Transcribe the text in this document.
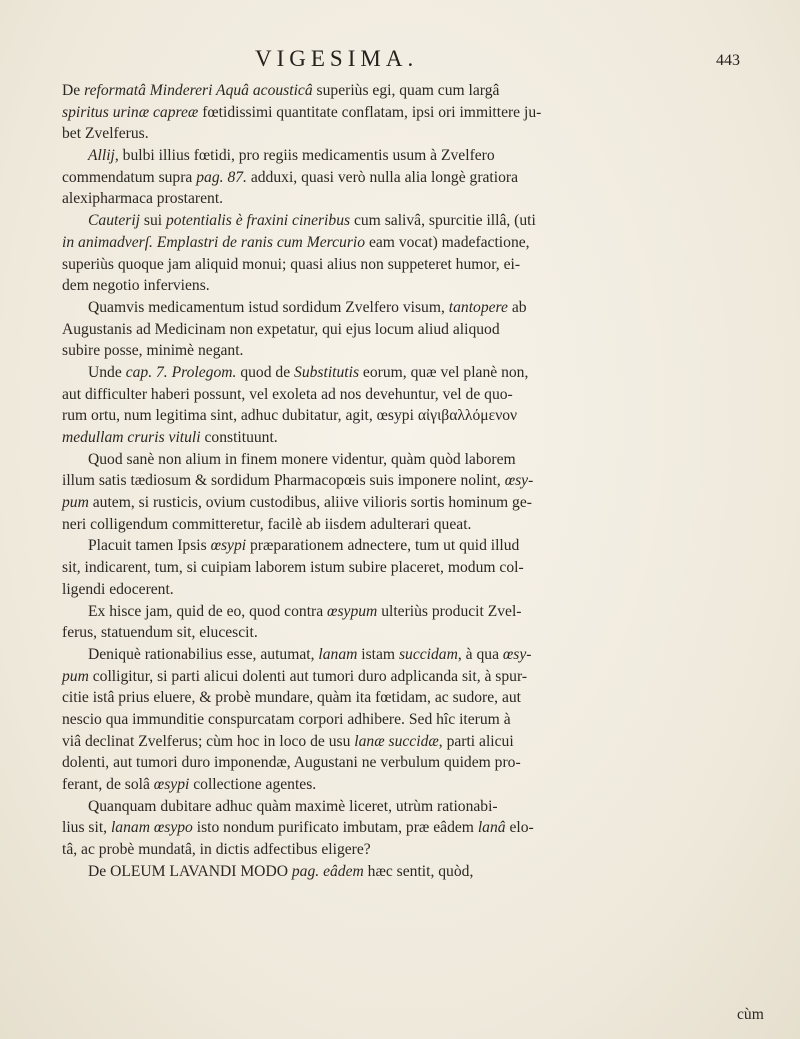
VIGESIMA.	443
De reformatâ Mindereri Aquâ acousticâ superiùs egi, quam cum largâ
spiritus urinæ capreæ fœtidissimi quantitate conflatam, ipsi ori immittere ju-
bet Zvelferus.
Allij, bulbi illius fœtidi, pro regiis medicamentis usum à Zvelfero
commendatum supra pag. 87. adduxi, quasi verò nulla alia longè gratiora
alexipharmaca prostarent.
Cauterij sui potentialis è fraxini cineribus cum salivâ, spurcitie illâ, (uti
in animadverſ. Emplastri de ranis cum Mercurio eam vocat) madefactione,
superiùs quoque jam aliquid monui; quasi alius non suppeteret humor, ei-
dem negotio inferviens.
Quamvis medicamentum istud sordidum Zvelfero visum, tantopere ab
Augustanis ad Medicinam non expetatur, qui ejus locum aliud aliquod
subire posse, minimè negant.
Unde cap. 7. Prolegom. quod de Substitutis eorum, quæ vel planè non,
aut difficulter haberi possunt, vel exoleta ad nos devehuntur, vel de quo-
rum ortu, num legitima sint, adhuc dubitatur, agit, œsypi αἰγιβαλλόμενον
medullam cruris vituli constituunt.
Quod sanè non alium in finem monere videntur, quàm quòd laborem
illum satis tædiosum & sordidum Pharmacopœis suis imponere nolint, œsy-
pum autem, si rusticis, ovium custodibus, aliive vilioris sortis hominum ge-
neri colligendum committeretur, facilè ab iisdem adulterari queat.
Placuit tamen Ipsis œsypi præparationem adnectere, tum ut quid illud
sit, indicarent, tum, si cuipiam laborem istum subire placeret, modum col-
ligendi edocerent.
Ex hisce jam, quid de eo, quod contra œsypum ulteriùs producit Zvel-
ferus, statuendum sit, elucescit.
Deniquè rationabilius esse, autumat, lanam istam succidam, à qua œsy-
pum colligitur, si parti alicui dolenti aut tumori duro adplicanda sit, à spur-
citie istâ prius eluere, & probè mundare, quàm ita fœtidam, ac sudore, aut
nescio qua immunditie conspurcatam corpori adhibere. Sed hîc iterum à
viâ declinat Zvelferus; cùm hoc in loco de usu lanæ succidæ, parti alicui
dolenti, aut tumori duro imponendæ, Augustani ne verbulum quidem pro-
ferant, de solâ œsypi collectione agentes.
Quanquam dubitare adhuc quàm maximè liceret, utrùm rationabi-
lius sit, lanam œsypo isto nondum purificato imbutam, præ eâdem lanâ elo-
tâ, ac probè mundatâ, in dictis adfectibus eligere?
De OLEUM LAVANDI MODO pag. eâdem hæc sentit, quòd,
cùm
